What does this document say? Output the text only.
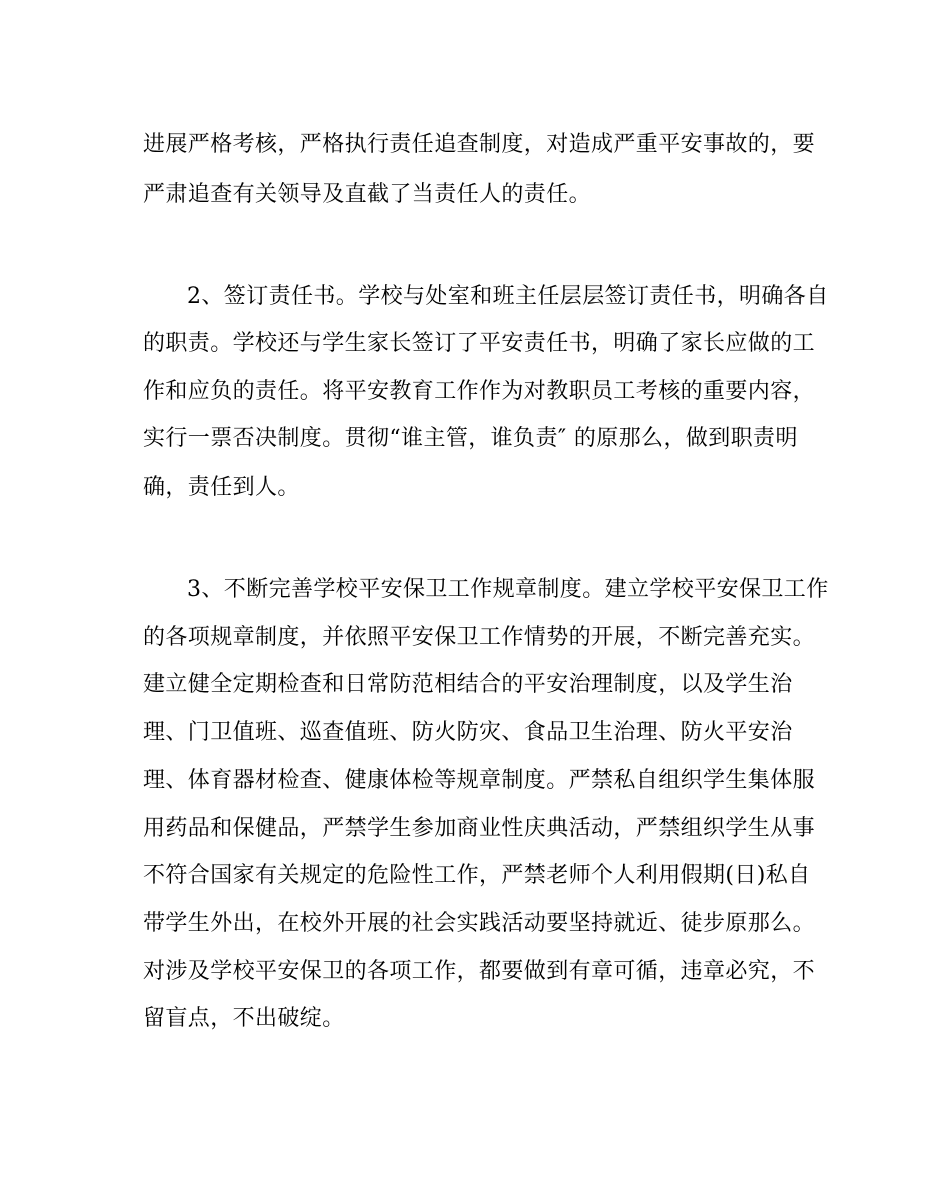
进展严格考核，严格执行责任追查制度，对造成严重平安事故的，要
严肃追查有关领导及直截了当责任人的责任。
2、签订责任书。学校与处室和班主任层层签订责任书，明确各自
的职责。学校还与学生家长签订了平安责任书，明确了家长应做的工
作和应负的责任。将平安教育工作作为对教职员工考核的重要内容，
实行一票否决制度。贯彻“谁主管，谁负责″ 的原那么，做到职责明
确，责任到人。
3、不断完善学校平安保卫工作规章制度。建立学校平安保卫工作
的各项规章制度，并依照平安保卫工作情势的开展，不断完善充实。
建立健全定期检查和日常防范相结合的平安治理制度，以及学生治
理、门卫值班、巡查值班、防火防灾、食品卫生治理、防火平安治
理、体育器材检查、健康体检等规章制度。严禁私自组织学生集体服
用药品和保健品，严禁学生参加商业性庆典活动，严禁组织学生从事
不符合国家有关规定的危险性工作，严禁老师个人利用假期(日)私自
带学生外出，在校外开展的社会实践活动要坚持就近、徒步原那么。
对涉及学校平安保卫的各项工作，都要做到有章可循，违章必究，不
留盲点，不出破绽。
